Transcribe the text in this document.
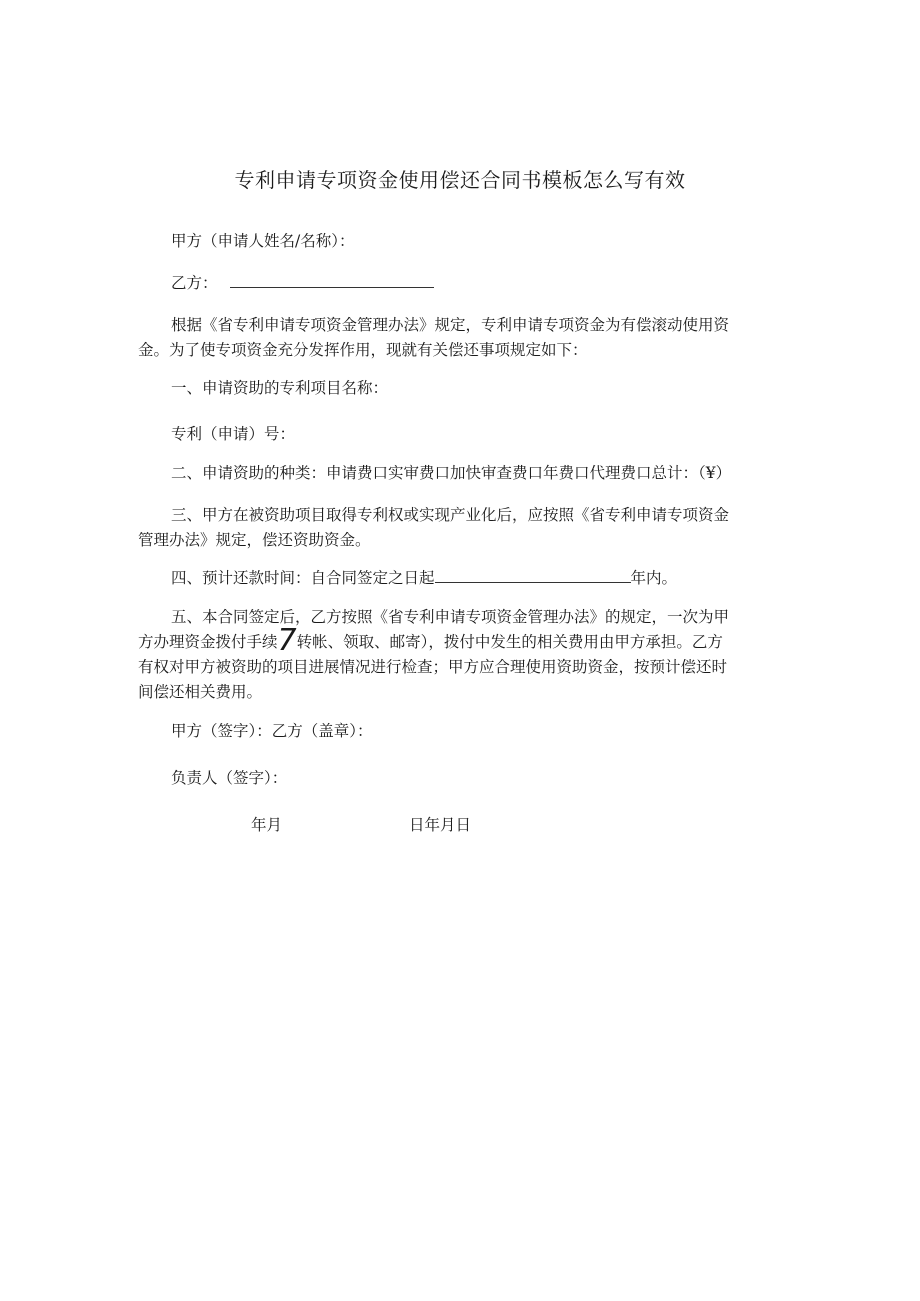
专利申请专项资金使用偿还合同书模板怎么写有效

甲方（申请人姓名/名称）：

乙方：

根据《省专利申请专项资金管理办法》规定，专利申请专项资金为有偿滚动使用资

金。为了使专项资金充分发挥作用，现就有关偿还事项规定如下：

一、申请资助的专利项目名称：

专利（申请）号：

二、申请资助的种类：申请费口实审费口加快审查费口年费口代理费口总计：（¥）

三、甲方在被资助项目取得专利权或实现产业化后，应按照《省专利申请专项资金

管理办法》规定，偿还资助资金。

四、预计还款时间：自合同签定之日起	年内。

五、本合同签定后，乙方按照《省专利申请专项资金管理办法》的规定，一次为甲

方办理资金拨付手续7转帐、领取、邮寄），拨付中发生的相关费用由甲方承担。乙方

有权对甲方被资助的项目进展情况进行检查；甲方应合理使用资助资金，按预计偿还时

间偿还相关费用。

甲方（签字）：乙方（盖章）：

负责人（签字）：

年月	日年月日
